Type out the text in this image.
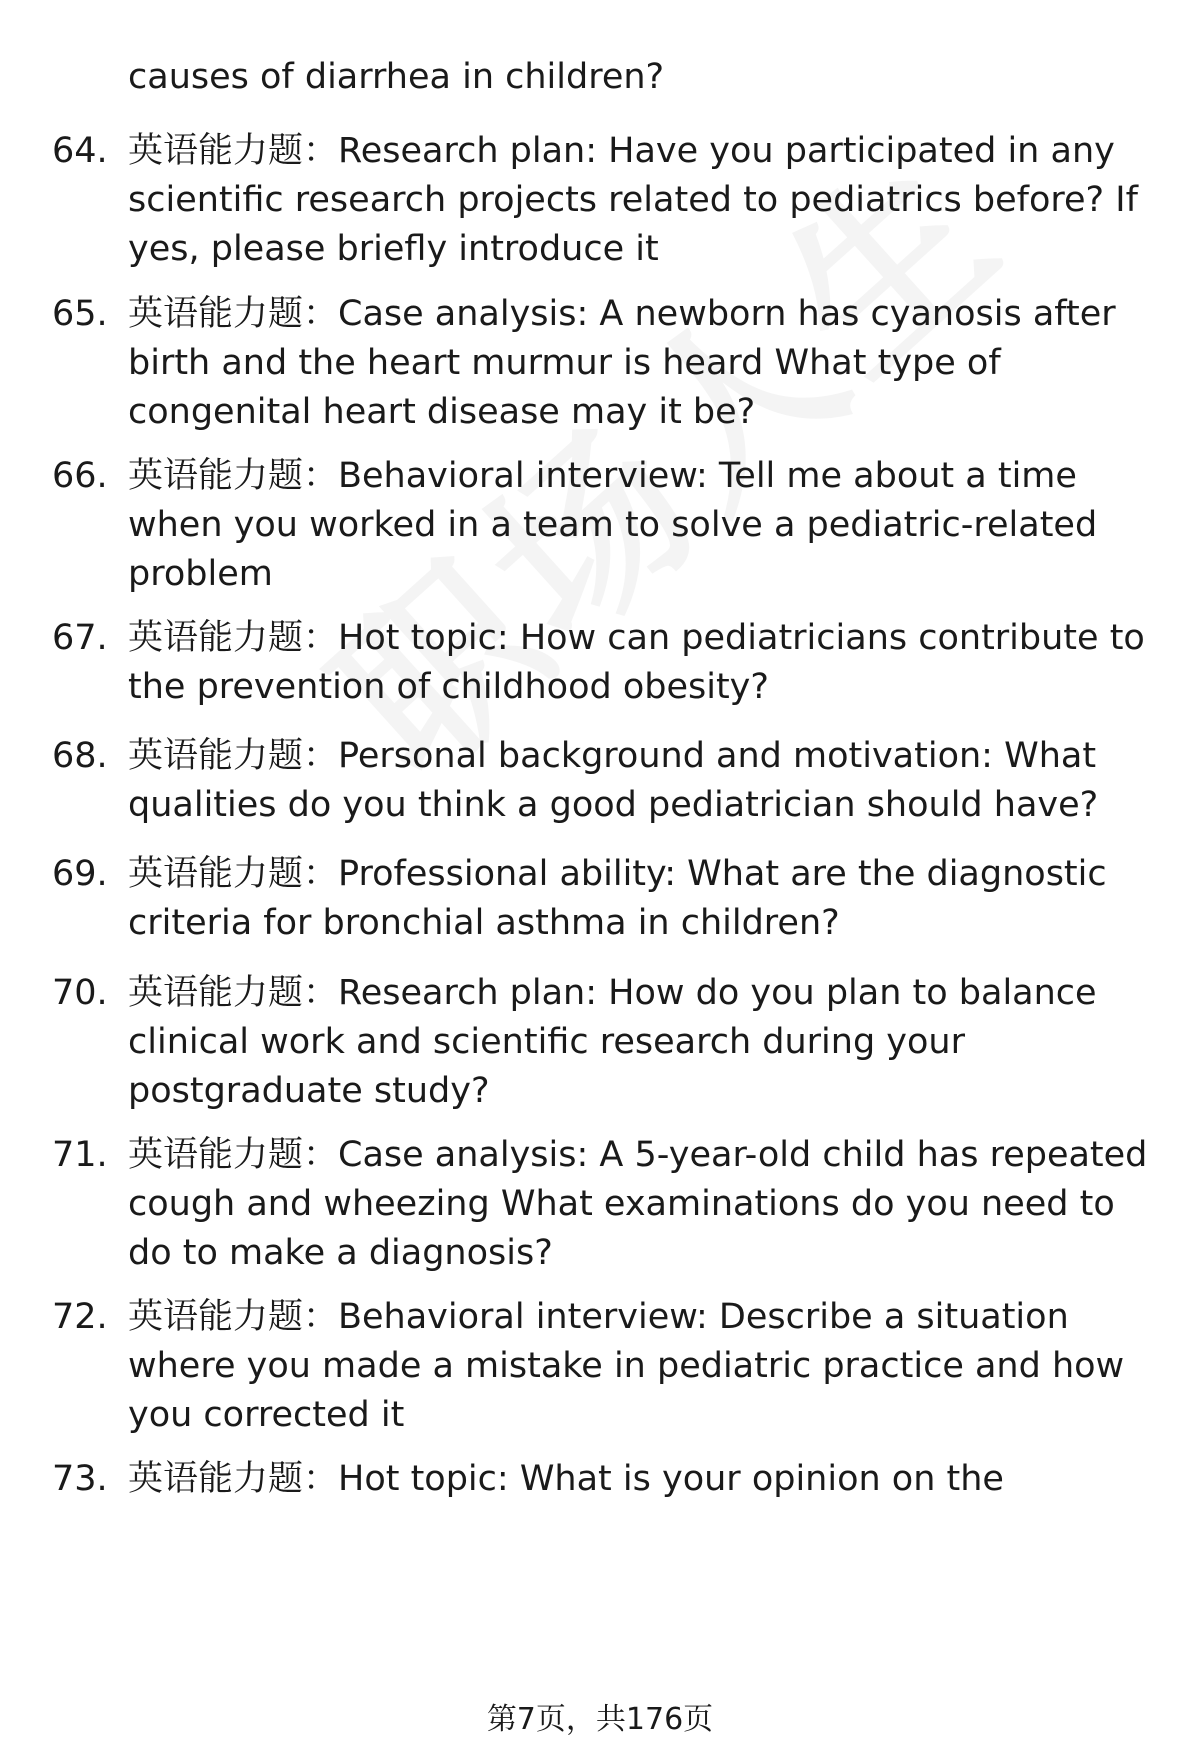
causes of diarrhea in children?
64. 英语能力题：Research plan: Have you participated in any
scientific research projects related to pediatrics before? If
yes, please briefly introduce it
65. 英语能力题：Case analysis: A newborn has cyanosis after
birth and the heart murmur is heard What type of
congenital heart disease may it be?
66. 英语能力题：Behavioral interview: Tell me about a time
when you worked in a team to solve a pediatric-related
problem
67. 英语能力题：Hot topic: How can pediatricians contribute to
the prevention of childhood obesity?
68. 英语能力题：Personal background and motivation: What
qualities do you think a good pediatrician should have?
69. 英语能力题：Professional ability: What are the diagnostic
criteria for bronchial asthma in children?
70. 英语能力题：Research plan: How do you plan to balance
clinical work and scientific research during your
postgraduate study?
71. 英语能力题：Case analysis: A 5-year-old child has repeated
cough and wheezing What examinations do you need to
do to make a diagnosis?
72. 英语能力题：Behavioral interview: Describe a situation
where you made a mistake in pediatric practice and how
you corrected it
73. 英语能力题：Hot topic: What is your opinion on the
第7页，共176页
